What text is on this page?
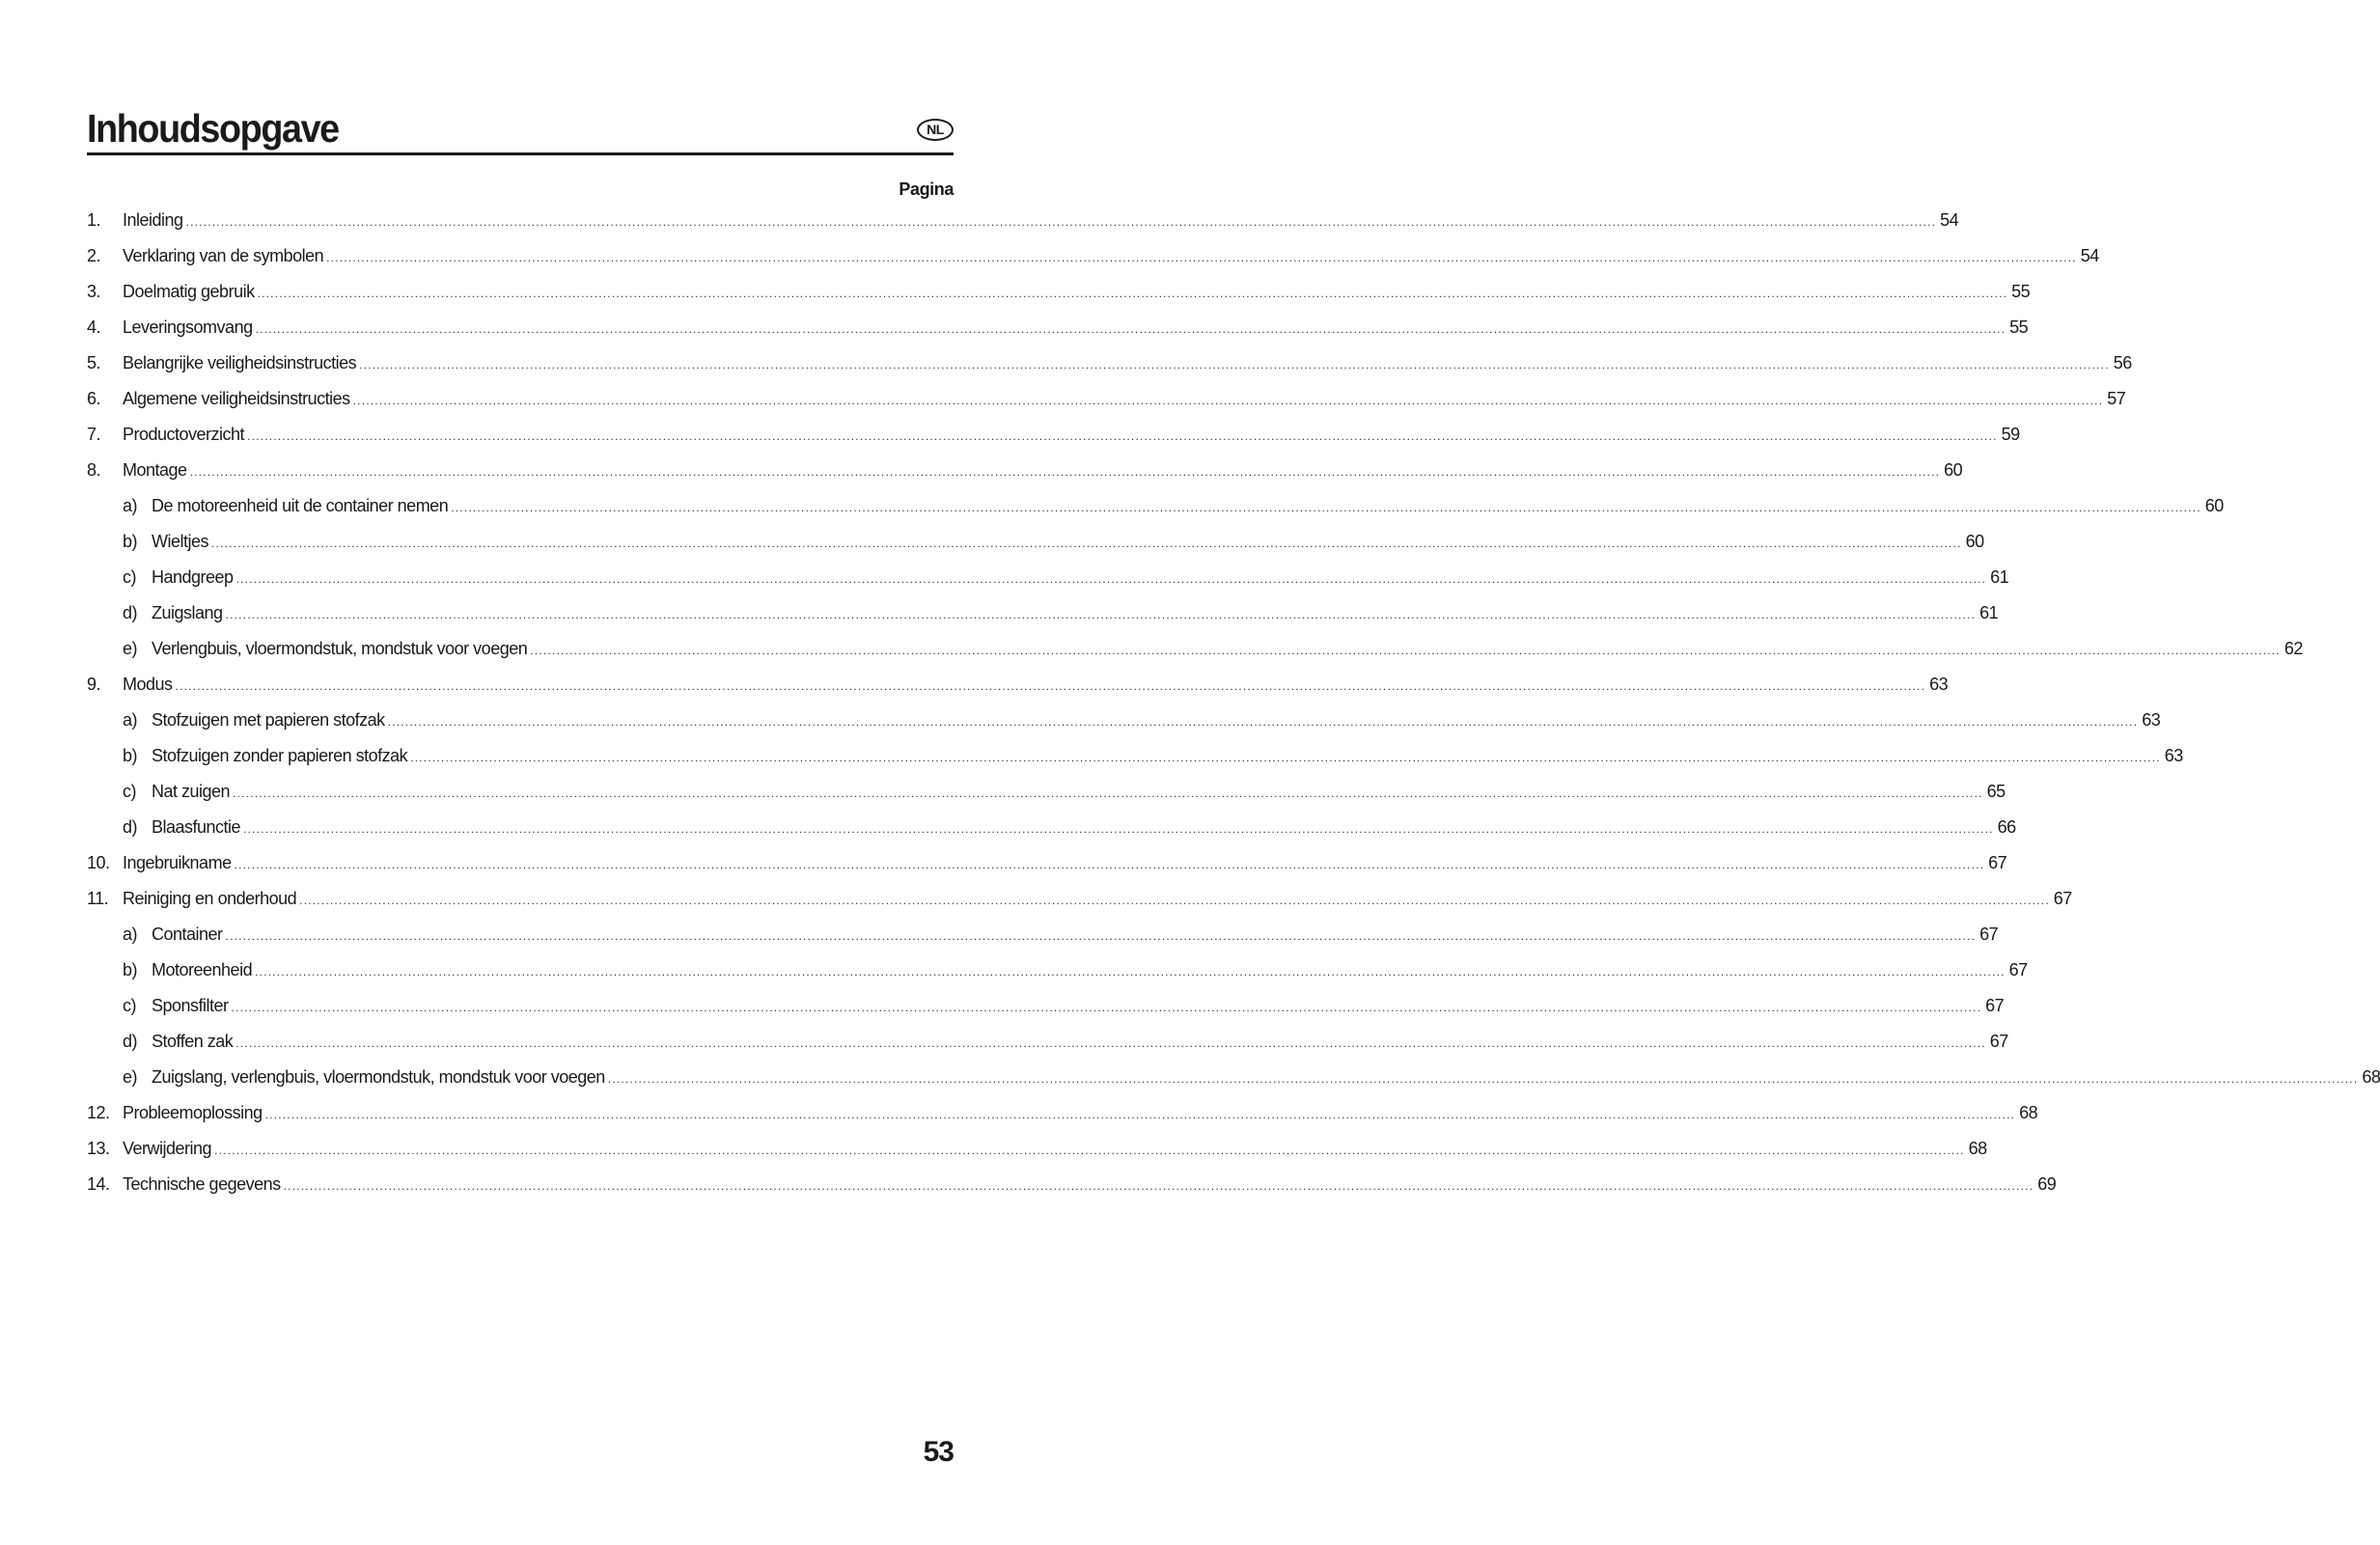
Inhoudsopgave	NL
Pagina
1.	Inleiding ................................................................................................................................................................................................................................................................................................................................................................................................................ 54
2.	Verklaring van de symbolen ................................................................................................................................................................................................................................................................................................................................................................................................................ 54
3.	Doelmatig gebruik ................................................................................................................................................................................................................................................................................................................................................................................................................ 55
4.	Leveringsomvang ................................................................................................................................................................................................................................................................................................................................................................................................................ 55
5.	Belangrijke veiligheidsinstructies ................................................................................................................................................................................................................................................................................................................................................................................................................ 56
6.	Algemene veiligheidsinstructies ................................................................................................................................................................................................................................................................................................................................................................................................................ 57
7.	Productoverzicht ................................................................................................................................................................................................................................................................................................................................................................................................................ 59
8.	Montage ................................................................................................................................................................................................................................................................................................................................................................................................................ 60
a) De motoreenheid uit de container nemen ................................................................................................................................................................................................................................................................................................................................................................................................................ 60
b) Wieltjes ................................................................................................................................................................................................................................................................................................................................................................................................................ 60
c) Handgreep ................................................................................................................................................................................................................................................................................................................................................................................................................ 61
d) Zuigslang ................................................................................................................................................................................................................................................................................................................................................................................................................ 61
e) Verlengbuis, vloermondstuk, mondstuk voor voegen ................................................................................................................................................................................................................................................................................................................................................................................................................ 62
9.	Modus ................................................................................................................................................................................................................................................................................................................................................................................................................ 63
a) Stofzuigen met papieren stofzak ................................................................................................................................................................................................................................................................................................................................................................................................................ 63
b) Stofzuigen zonder papieren stofzak ................................................................................................................................................................................................................................................................................................................................................................................................................ 63
c) Nat zuigen ................................................................................................................................................................................................................................................................................................................................................................................................................ 65
d) Blaasfunctie ................................................................................................................................................................................................................................................................................................................................................................................................................ 66
10. Ingebruikname ................................................................................................................................................................................................................................................................................................................................................................................................................ 67
11. Reiniging en onderhoud ................................................................................................................................................................................................................................................................................................................................................................................................................ 67
a) Container ................................................................................................................................................................................................................................................................................................................................................................................................................ 67
b) Motoreenheid ................................................................................................................................................................................................................................................................................................................................................................................................................ 67
c) Sponsfilter ................................................................................................................................................................................................................................................................................................................................................................................................................ 67
d) Stoffen zak ................................................................................................................................................................................................................................................................................................................................................................................................................ 67
e) Zuigslang, verlengbuis, vloermondstuk, mondstuk voor voegen ................................................................................................................................................................................................................................................................................................................................................................................................................ 68
12. Probleemoplossing ................................................................................................................................................................................................................................................................................................................................................................................................................ 68
13. Verwijdering ................................................................................................................................................................................................................................................................................................................................................................................................................ 68
14. Technische gegevens ................................................................................................................................................................................................................................................................................................................................................................................................................ 69
53
